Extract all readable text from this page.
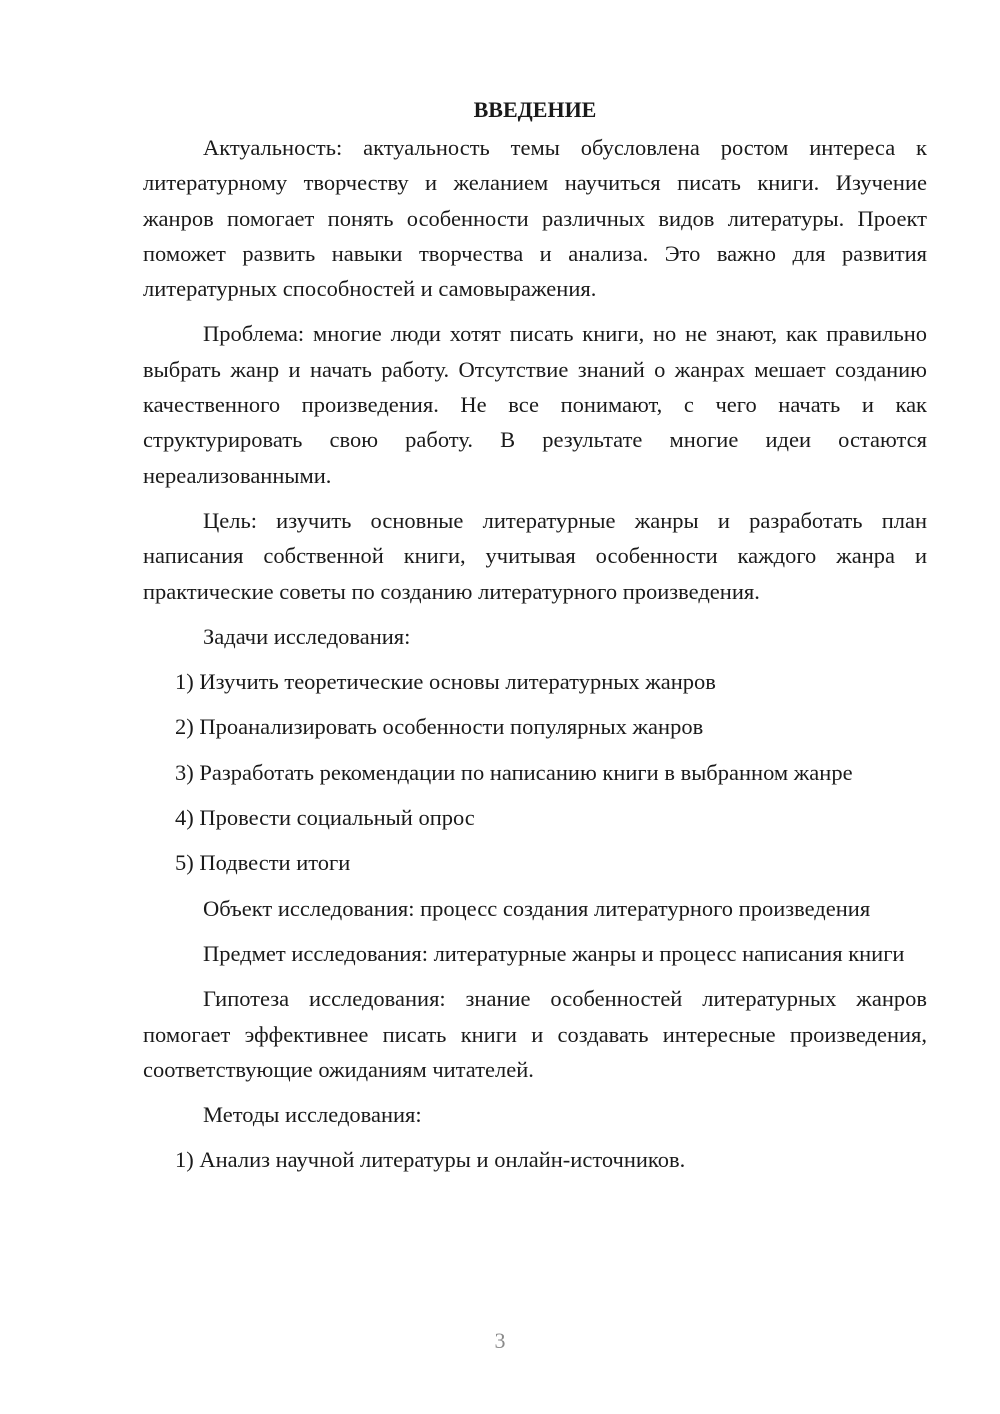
ВВЕДЕНИЕ

Актуальность: актуальность темы обусловлена ростом интереса к литературному творчеству и желанием научиться писать книги. Изучение жанров помогает понять особенности различных видов литературы. Проект поможет развить навыки творчества и анализа. Это важно для развития литературных способностей и самовыражения.

Проблема: многие люди хотят писать книги, но не знают, как правильно выбрать жанр и начать работу. Отсутствие знаний о жанрах мешает созданию качественного произведения. Не все понимают, с чего начать и как структурировать свою работу. В результате многие идеи остаются нереализованными.

Цель: изучить основные литературные жанры и разработать план написания собственной книги, учитывая особенности каждого жанра и практические советы по созданию литературного произведения.

Задачи исследования:

1) Изучить теоретические основы литературных жанров

2) Проанализировать особенности популярных жанров

3) Разработать рекомендации по написанию книги в выбранном жанре

4) Провести социальный опрос

5) Подвести итоги

Объект исследования: процесс создания литературного произведения

Предмет исследования: литературные жанры и процесс написания книги

Гипотеза исследования: знание особенностей литературных жанров помогает эффективнее писать книги и создавать интересные произведения, соответствующие ожиданиям читателей.

Методы исследования:

1) Анализ научной литературы и онлайн-источников.

3
